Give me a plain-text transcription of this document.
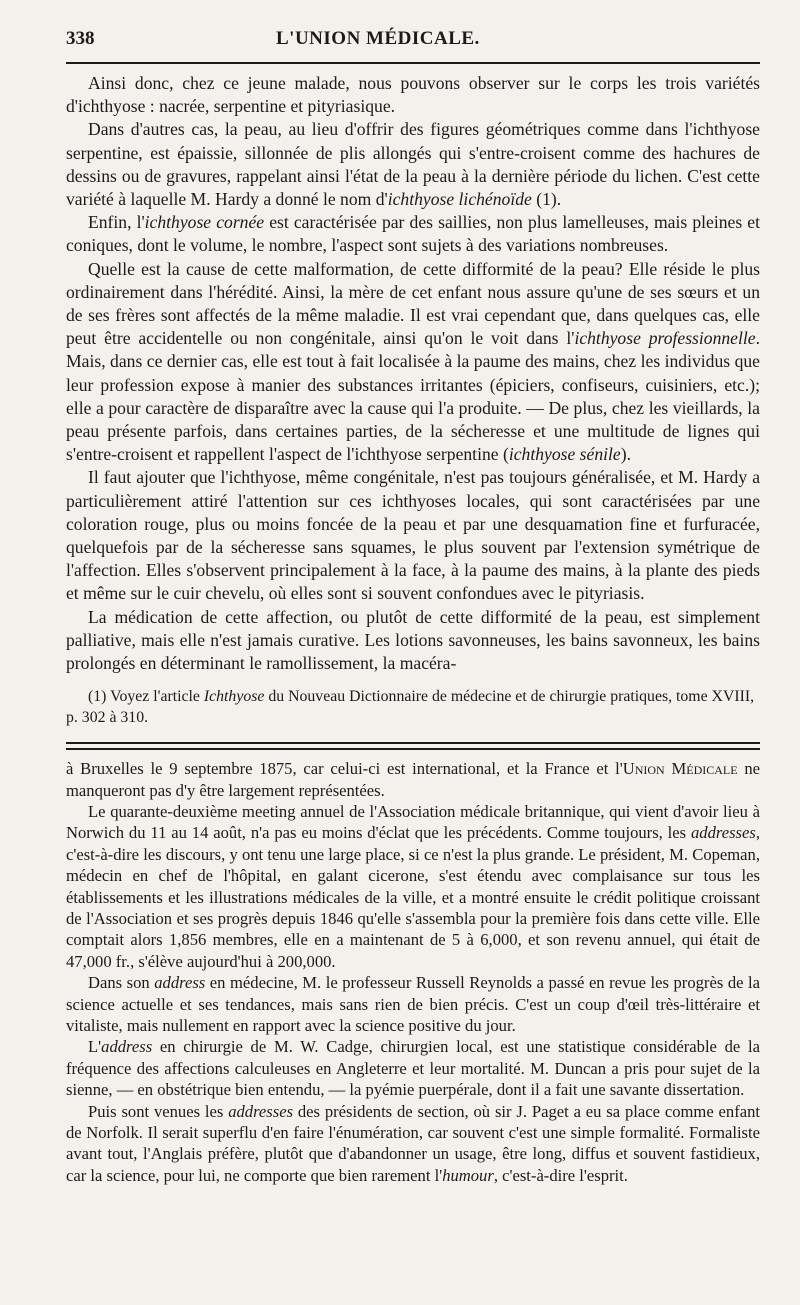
338	L'UNION MÉDICALE.

Ainsi donc, chez ce jeune malade, nous pouvons observer sur le corps les trois variétés d'ichthyose : nacrée, serpentine et pityriasique.

Dans d'autres cas, la peau, au lieu d'offrir des figures géométriques comme dans l'ichthyose serpentine, est épaissie, sillonnée de plis allongés qui s'entre-croisent comme des hachures de dessins ou de gravures, rappelant ainsi l'état de la peau à la dernière période du lichen. C'est cette variété à laquelle M. Hardy a donné le nom d'ichthyose lichénoïde (1).

Enfin, l'ichthyose cornée est caractérisée par des saillies, non plus lamelleuses, mais pleines et coniques, dont le volume, le nombre, l'aspect sont sujets à des variations nombreuses.

Quelle est la cause de cette malformation, de cette difformité de la peau? Elle réside le plus ordinairement dans l'hérédité. Ainsi, la mère de cet enfant nous assure qu'une de ses sœurs et un de ses frères sont affectés de la même maladie. Il est vrai cependant que, dans quelques cas, elle peut être accidentelle ou non congénitale, ainsi qu'on le voit dans l'ichthyose professionnelle. Mais, dans ce dernier cas, elle est tout à fait localisée à la paume des mains, chez les individus que leur profession expose à manier des substances irritantes (épiciers, confiseurs, cuisiniers, etc.); elle a pour caractère de disparaître avec la cause qui l'a produite. — De plus, chez les vieillards, la peau présente parfois, dans certaines parties, de la sécheresse et une multitude de lignes qui s'entre-croisent et rappellent l'aspect de l'ichthyose serpentine (ichthyose sénile).

Il faut ajouter que l'ichthyose, même congénitale, n'est pas toujours généralisée, et M. Hardy a particulièrement attiré l'attention sur ces ichthyoses locales, qui sont caractérisées par une coloration rouge, plus ou moins foncée de la peau et par une desquamation fine et furfuracée, quelquefois par de la sécheresse sans squames, le plus souvent par l'extension symétrique de l'affection. Elles s'observent principalement à la face, à la paume des mains, à la plante des pieds et même sur le cuir chevelu, où elles sont si souvent confondues avec le pityriasis.

La médication de cette affection, ou plutôt de cette difformité de la peau, est simplement palliative, mais elle n'est jamais curative. Les lotions savonneuses, les bains savonneux, les bains prolongés en déterminant le ramollissement, la macéra-

(1) Voyez l'article Ichthyose du Nouveau Dictionnaire de médecine et de chirurgie pratiques, tome XVIII, p. 302 à 310.

à Bruxelles le 9 septembre 1875, car celui-ci est international, et la France et l'Union Médicale ne manqueront pas d'y être largement représentées.

Le quarante-deuxième meeting annuel de l'Association médicale britannique, qui vient d'avoir lieu à Norwich du 11 au 14 août, n'a pas eu moins d'éclat que les précédents. Comme toujours, les addresses, c'est-à-dire les discours, y ont tenu une large place, si ce n'est la plus grande. Le président, M. Copeman, médecin en chef de l'hôpital, en galant cicerone, s'est étendu avec complaisance sur tous les établissements et les illustrations médicales de la ville, et a montré ensuite le crédit politique croissant de l'Association et ses progrès depuis 1846 qu'elle s'assembla pour la première fois dans cette ville. Elle comptait alors 1,856 membres, elle en a maintenant de 5 à 6,000, et son revenu annuel, qui était de 47,000 fr., s'élève aujourd'hui à 200,000.

Dans son address en médecine, M. le professeur Russell Reynolds a passé en revue les progrès de la science actuelle et ses tendances, mais sans rien de bien précis. C'est un coup d'œil très-littéraire et vitaliste, mais nullement en rapport avec la science positive du jour.

L'address en chirurgie de M. W. Cadge, chirurgien local, est une statistique considérable de la fréquence des affections calculeuses en Angleterre et leur mortalité. M. Duncan a pris pour sujet de la sienne, — en obstétrique bien entendu, — la pyémie puerpérale, dont il a fait une savante dissertation.

Puis sont venues les addresses des présidents de section, où sir J. Paget a eu sa place comme enfant de Norfolk. Il serait superflu d'en faire l'énumération, car souvent c'est une simple formalité. Formaliste avant tout, l'Anglais préfère, plutôt que d'abandonner un usage, être long, diffus et souvent fastidieux, car la science, pour lui, ne comporte que bien rarement l'humour, c'est-à-dire l'esprit.
